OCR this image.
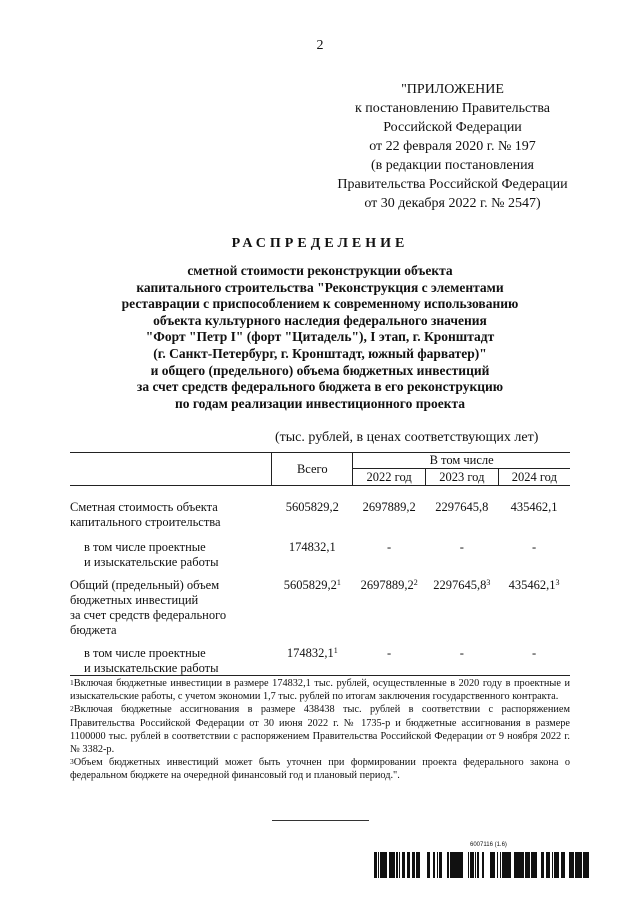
2
"ПРИЛОЖЕНИЕ
к постановлению Правительства
Российской Федерации
от 22 февраля 2020 г. № 197
(в редакции постановления
Правительства Российской Федерации
от 30 декабря 2022 г. № 2547)
РАСПРЕДЕЛЕНИЕ
сметной стоимости реконструкции объекта
капитального строительства "Реконструкция с элементами
реставрации с приспособлением к современному использованию
объекта культурного наследия федерального значения
"Форт "Петр I" (форт "Цитадель"), I этап, г. Кронштадт
(г. Санкт-Петербург, г. Кронштадт, южный фарватер)"
и общего (предельного) объема бюджетных инвестиций
за счет средств федерального бюджета в его реконструкцию
по годам реализации инвестиционного проекта
(тыс. рублей, в ценах соответствующих лет)
	Всего	В том числе		
		2022 год	2023 год	2024 год

Сметная стоимость объекта
капитального строительства	5605829,2	2697889,2	2297645,8	435462,1

в том числе проектные
и изыскательские работы	174832,1	-	-	-

Общий (предельный) объем
бюджетных инвестиций
за счет средств федерального
бюджета	5605829,2$^1$	2697889,2$^2$	2297645,8$^3$	435462,1$^3$

в том числе проектные
и изыскательские работы	174832,1$^1$	-	-	-

$^1$Включая бюджетные инвестиции в размере 174832,1 тыс. рублей, осуществленные в 2020 году в проектные и изыскательские работы, с учетом экономии 1,7 тыс. рублей по итогам заключения государственного контракта.

$^2$Включая бюджетные ассигнования в размере 438438 тыс. рублей в соответствии с распоряжением Правительства Российской Федерации от 30 июня 2022 г. № 1735-р и бюджетные ассигнования в размере 1100000 тыс. рублей в соответствии с распоряжением Правительства Российской Федерации от 9 ноября 2022 г. № 3382-р.

$^3$Объем бюджетных инвестиций может быть уточнен при формировании проекта федерального закона о федеральном бюджете на очередной финансовый год и плановый период.".

6007116 (1.6)
